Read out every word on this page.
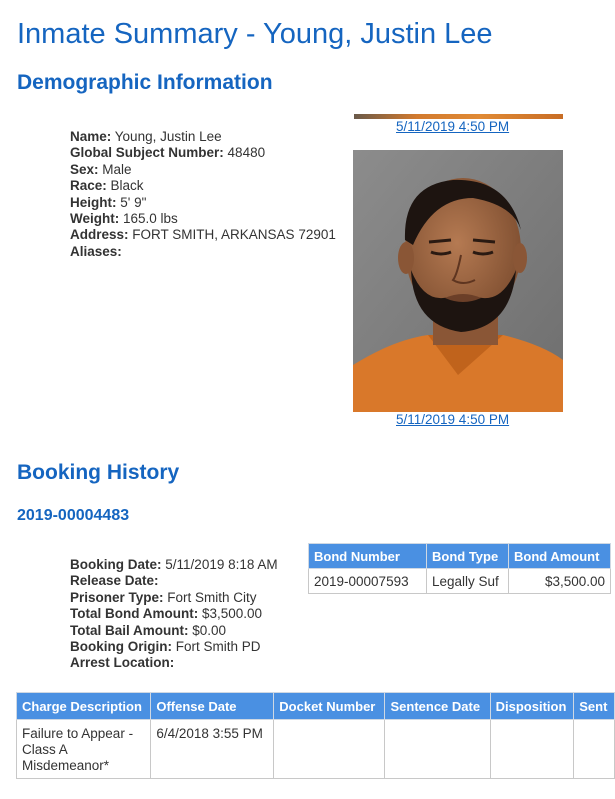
Inmate Summary - Young, Justin Lee
Demographic Information
Name: Young, Justin Lee
Global Subject Number: 48480
Sex: Male
Race: Black
Height: 5' 9"
Weight: 165.0 lbs
Address: FORT SMITH, ARKANSAS 72901
Aliases:
5/11/2019 4:50 PM
5/11/2019 4:50 PM
Booking History
2019-00004483
Booking Date: 5/11/2019 8:18 AM
Release Date:
Prisoner Type: Fort Smith City
Total Bond Amount: $3,500.00
Total Bail Amount: $0.00
Booking Origin: Fort Smith PD
Arrest Location:
Bond Number	Bond Type	Bond Amount
2019-00007593	Legally Suf	$3,500.00
Charge Description	Offense Date	Docket Number	Sentence Date	Disposition	Sent
Failure to Appear - Class A Misdemeanor*	6/4/2018 3:55 PM				
